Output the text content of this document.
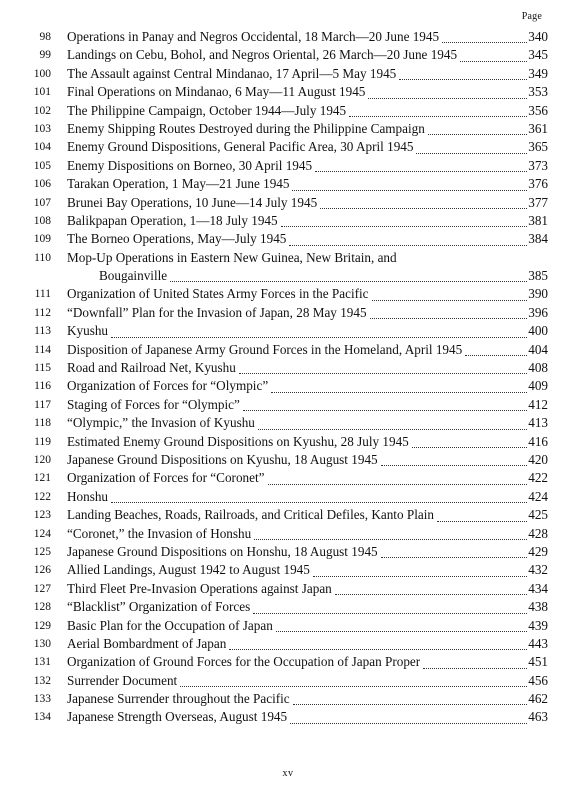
Page
98 Operations in Panay and Negros Occidental, 18 March—20 June 1945	340
99 Landings on Cebu, Bohol, and Negros Oriental, 26 March—20 June 1945	345
100 The Assault against Central Mindanao, 17 April—5 May 1945	349
101 Final Operations on Mindanao, 6 May—11 August 1945	353
102 The Philippine Campaign, October 1944—July 1945	356
103 Enemy Shipping Routes Destroyed during the Philippine Campaign	361
104 Enemy Ground Dispositions, General Pacific Area, 30 April 1945	365
105 Enemy Dispositions on Borneo, 30 April 1945	373
106 Tarakan Operation, 1 May—21 June 1945	376
107 Brunei Bay Operations, 10 June—14 July 1945	377
108 Balikpapan Operation, 1—18 July 1945	381
109 The Borneo Operations, May—July 1945	384
110 Mop-Up Operations in Eastern New Guinea, New Britain, and
Bougainville	385
111 Organization of United States Army Forces in the Pacific	390
112 “Downfall” Plan for the Invasion of Japan, 28 May 1945	396
113 Kyushu	400
114 Disposition of Japanese Army Ground Forces in the Homeland, April 1945	404
115 Road and Railroad Net, Kyushu	408
116 Organization of Forces for “Olympic”	409
117 Staging of Forces for “Olympic”	412
118 “Olympic,” the Invasion of Kyushu	413
119 Estimated Enemy Ground Dispositions on Kyushu, 28 July 1945	416
120 Japanese Ground Dispositions on Kyushu, 18 August 1945	420
121 Organization of Forces for “Coronet”	422
122 Honshu	424
123 Landing Beaches, Roads, Railroads, and Critical Defiles, Kanto Plain	425
124 “Coronet,” the Invasion of Honshu	428
125 Japanese Ground Dispositions on Honshu, 18 August 1945	429
126 Allied Landings, August 1942 to August 1945	432
127 Third Fleet Pre-Invasion Operations against Japan	434
128 “Blacklist” Organization of Forces	438
129 Basic Plan for the Occupation of Japan	439
130 Aerial Bombardment of Japan	443
131 Organization of Ground Forces for the Occupation of Japan Proper	451
132 Surrender Document	456
133 Japanese Surrender throughout the Pacific	462
134 Japanese Strength Overseas, August 1945	463
xv
